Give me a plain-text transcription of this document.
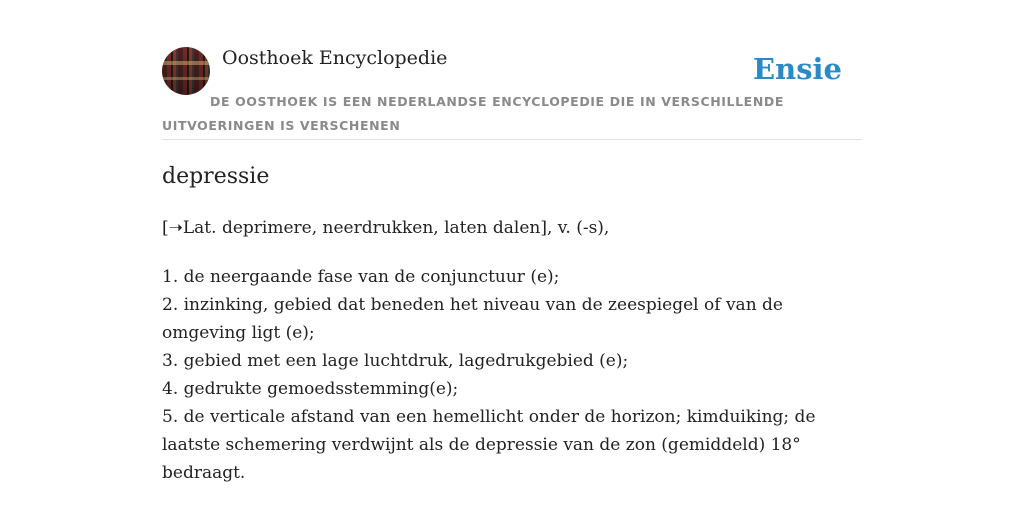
Oosthoek Encyclopedie	Ensie
DE OOSTHOEK IS EEN NEDERLANDSE ENCYCLOPEDIE DIE IN VERSCHILLENDE UITVOERINGEN IS VERSCHENEN
depressie
[➝Lat. deprimere, neerdrukken, laten dalen], v. (-s),
1. de neergaande fase van de conjunctuur (e);
2. inzinking, gebied dat beneden het niveau van de zeespiegel of van de omgeving ligt (e);
3. gebied met een lage luchtdruk, lagedrukgebied (e);
4. gedrukte gemoedsstemming(e);
5. de verticale afstand van een hemellicht onder de horizon; kimduiking; de laatste schemering verdwijnt als de depressie van de zon (gemiddeld) 18° bedraagt.
